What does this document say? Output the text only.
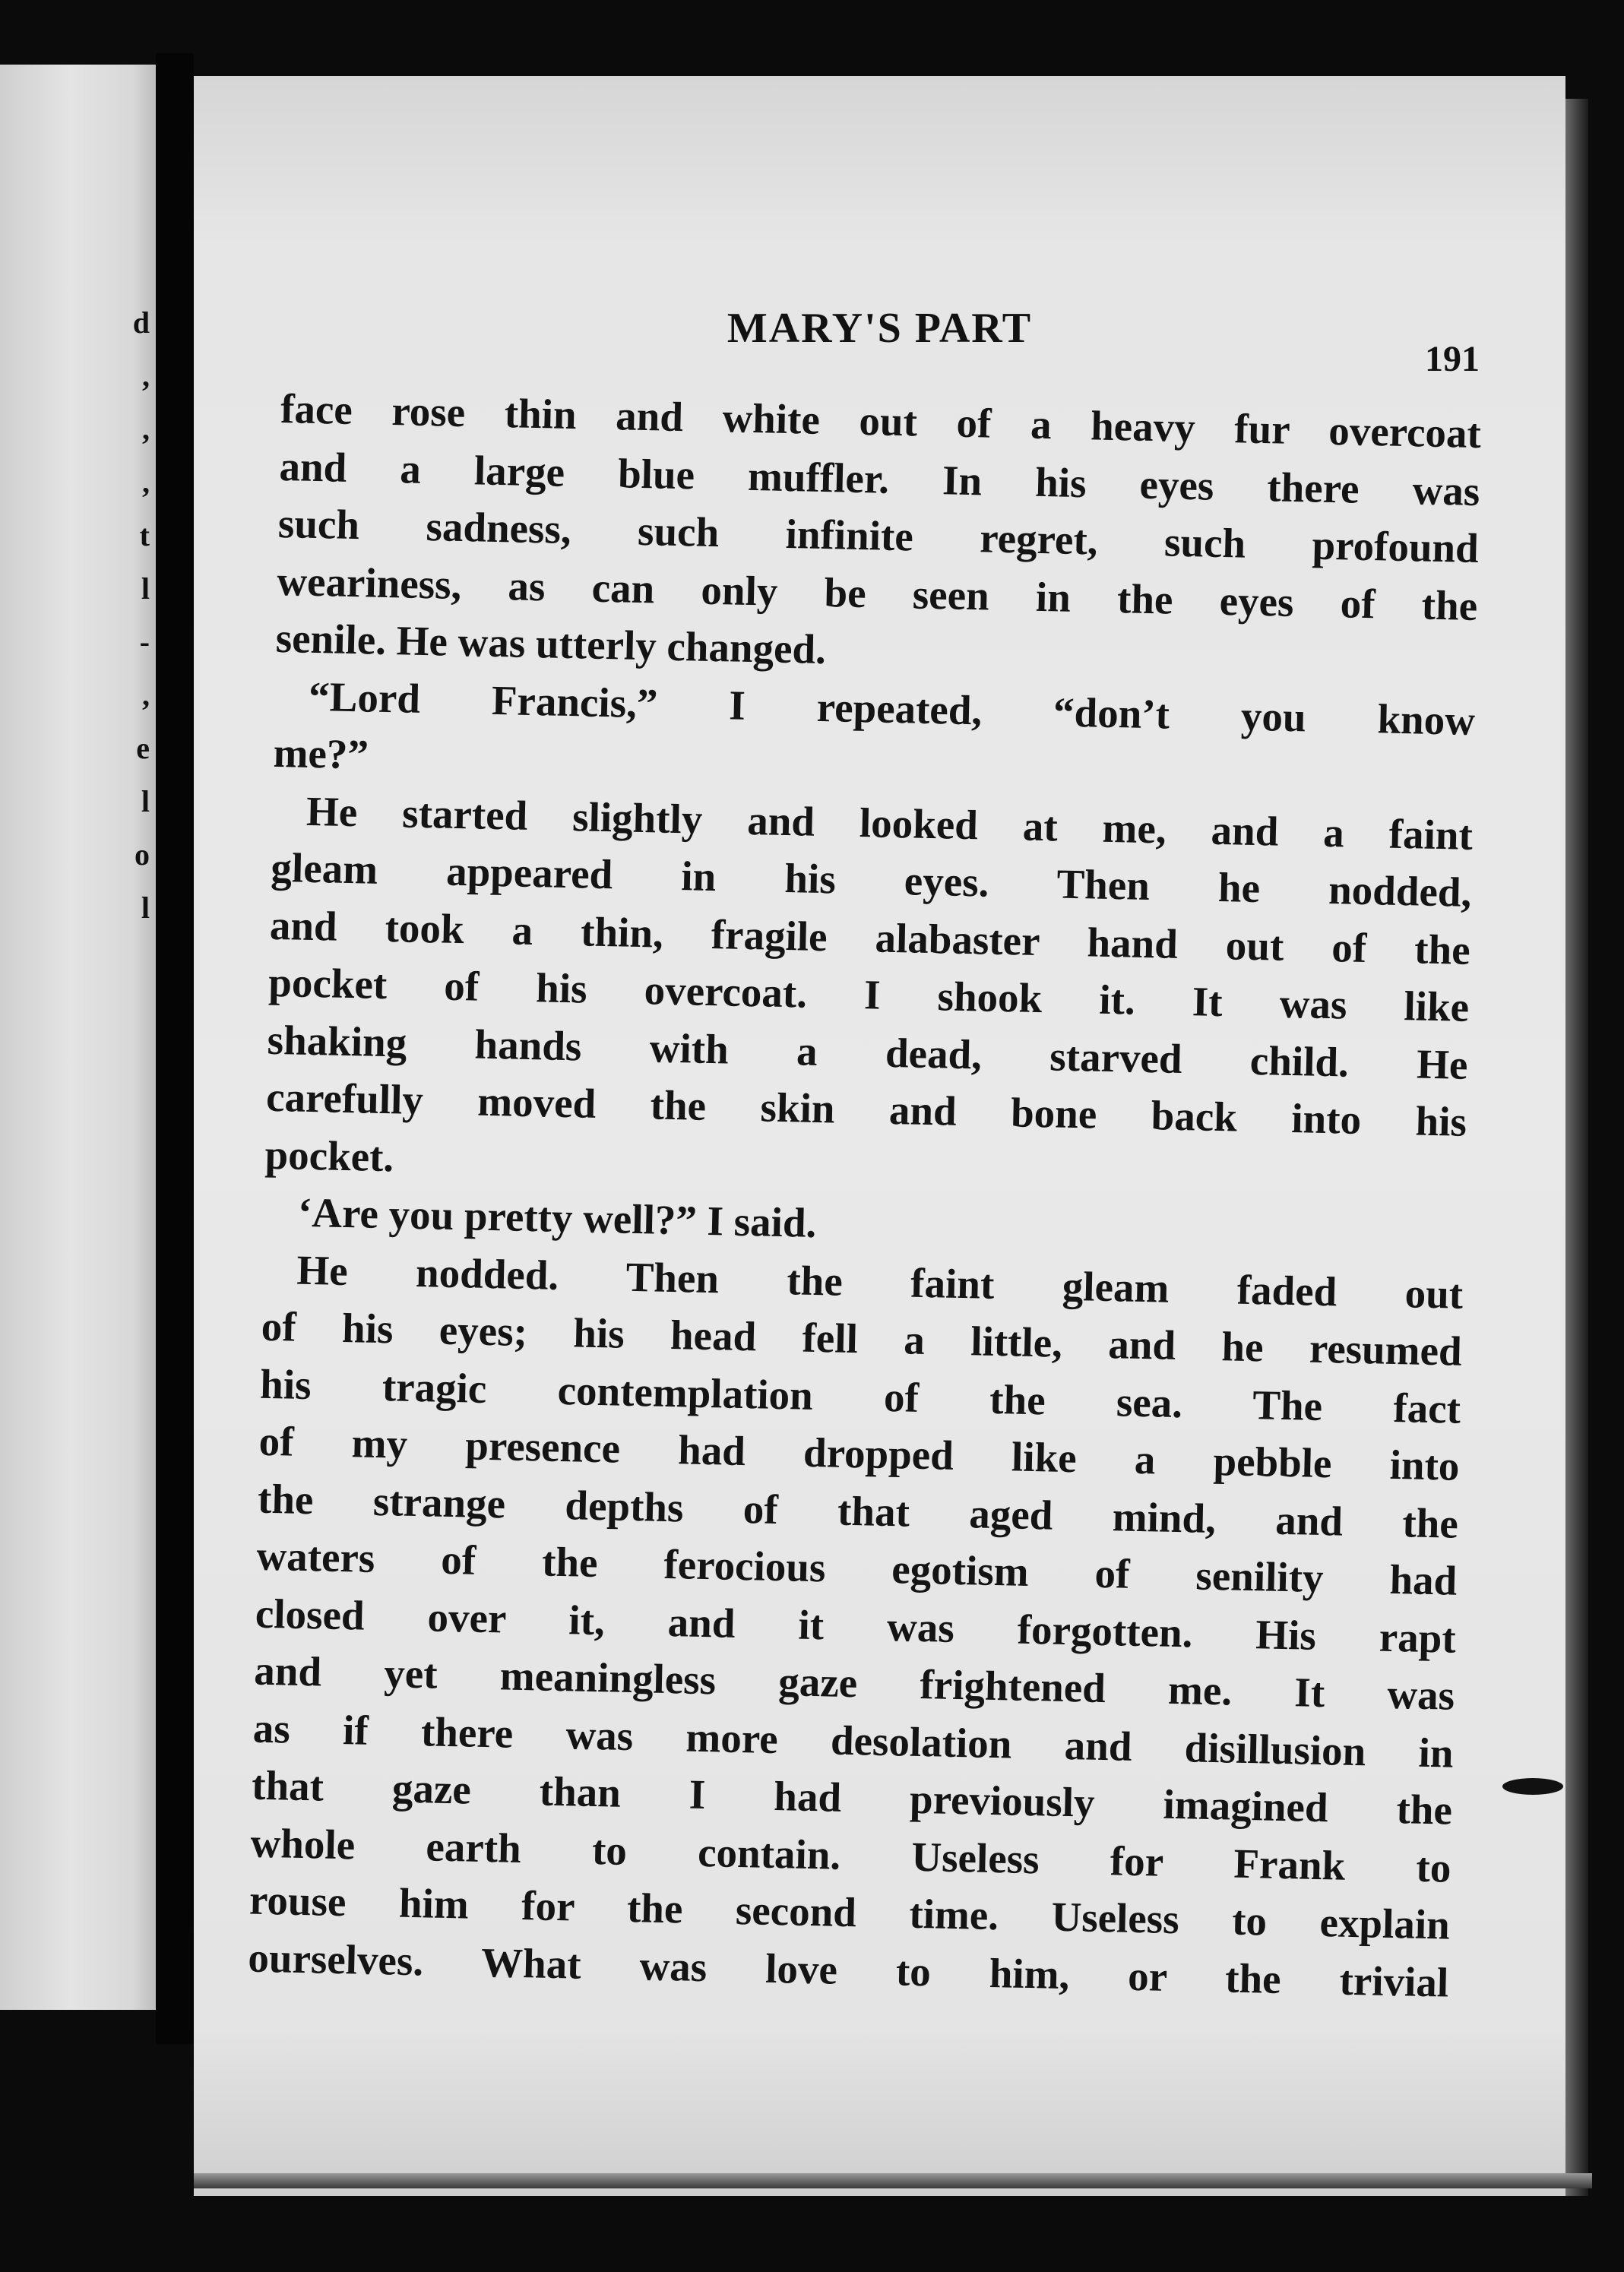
d
,
,
,
t
l
-
,
e
l
o
l
MARY'S PART
191
face rose thin and white out of a heavy fur overcoat
and a large blue muffler. In his eyes there was
such sadness, such infinite regret, such profound
weariness, as can only be seen in the eyes of the
senile. He was utterly changed.
“Lord Francis,” I repeated, “don’t you know
me?”
He started slightly and looked at me, and a faint
gleam appeared in his eyes. Then he nodded,
and took a thin, fragile alabaster hand out of the
pocket of his overcoat. I shook it. It was like
shaking hands with a dead, starved child. He
carefully moved the skin and bone back into his
pocket.
‘Are you pretty well?” I said.
He nodded. Then the faint gleam faded out
of his eyes; his head fell a little, and he resumed
his tragic contemplation of the sea. The fact
of my presence had dropped like a pebble into
the strange depths of that aged mind, and the
waters of the ferocious egotism of senility had
closed over it, and it was forgotten. His rapt
and yet meaningless gaze frightened me. It was
as if there was more desolation and disillusion in
that gaze than I had previously imagined the
whole earth to contain. Useless for Frank to
rouse him for the second time. Useless to explain
ourselves. What was love to him, or the trivial
